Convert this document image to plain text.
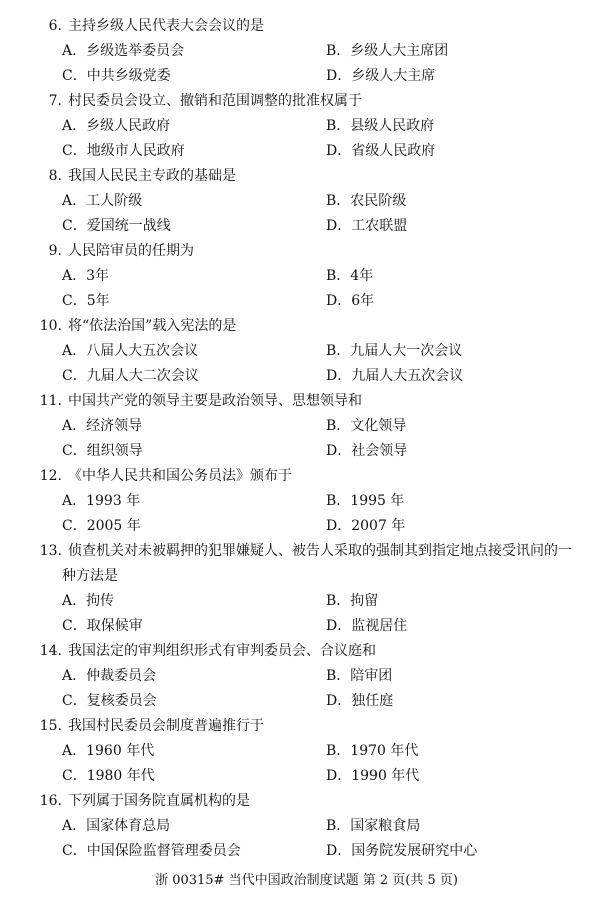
6. 主持乡级人民代表大会会议的是
A．乡级选举委员会	B．乡级人大主席团
C．中共乡级党委	D．乡级人大主席
7. 村民委员会设立、撤销和范围调整的批准权属于
A．乡级人民政府	B．县级人民政府
C．地级市人民政府	D．省级人民政府
8. 我国人民民主专政的基础是
A．工人阶级	B．农民阶级
C．爱国统一战线	D．工农联盟
9. 人民陪审员的任期为
A．3年	B．4年
C．5年	D．6年
10. 将“依法治国”载入宪法的是
A．八届人大五次会议	B．九届人大一次会议
C．九届人大二次会议	D．九届人大五次会议
11. 中国共产党的领导主要是政治领导、思想领导和
A．经济领导	B．文化领导
C．组织领导	D．社会领导
12. 《中华人民共和国公务员法》颁布于
A．1993 年	B．1995 年
C．2005 年	D．2007 年
13. 侦查机关对未被羁押的犯罪嫌疑人、被告人采取的强制其到指定地点接受讯问的一
种方法是
A．拘传	B．拘留
C．取保候审	D．监视居住
14. 我国法定的审判组织形式有审判委员会、合议庭和
A．仲裁委员会	B．陪审团
C．复核委员会	D．独任庭
15. 我国村民委员会制度普遍推行于
A．1960 年代	B．1970 年代
C．1980 年代	D．1990 年代
16. 下列属于国务院直属机构的是
A．国家体育总局	B．国家粮食局
C．中国保险监督管理委员会	D．国务院发展研究中心
浙 00315# 当代中国政治制度试题 第 2 页(共 5 页)
